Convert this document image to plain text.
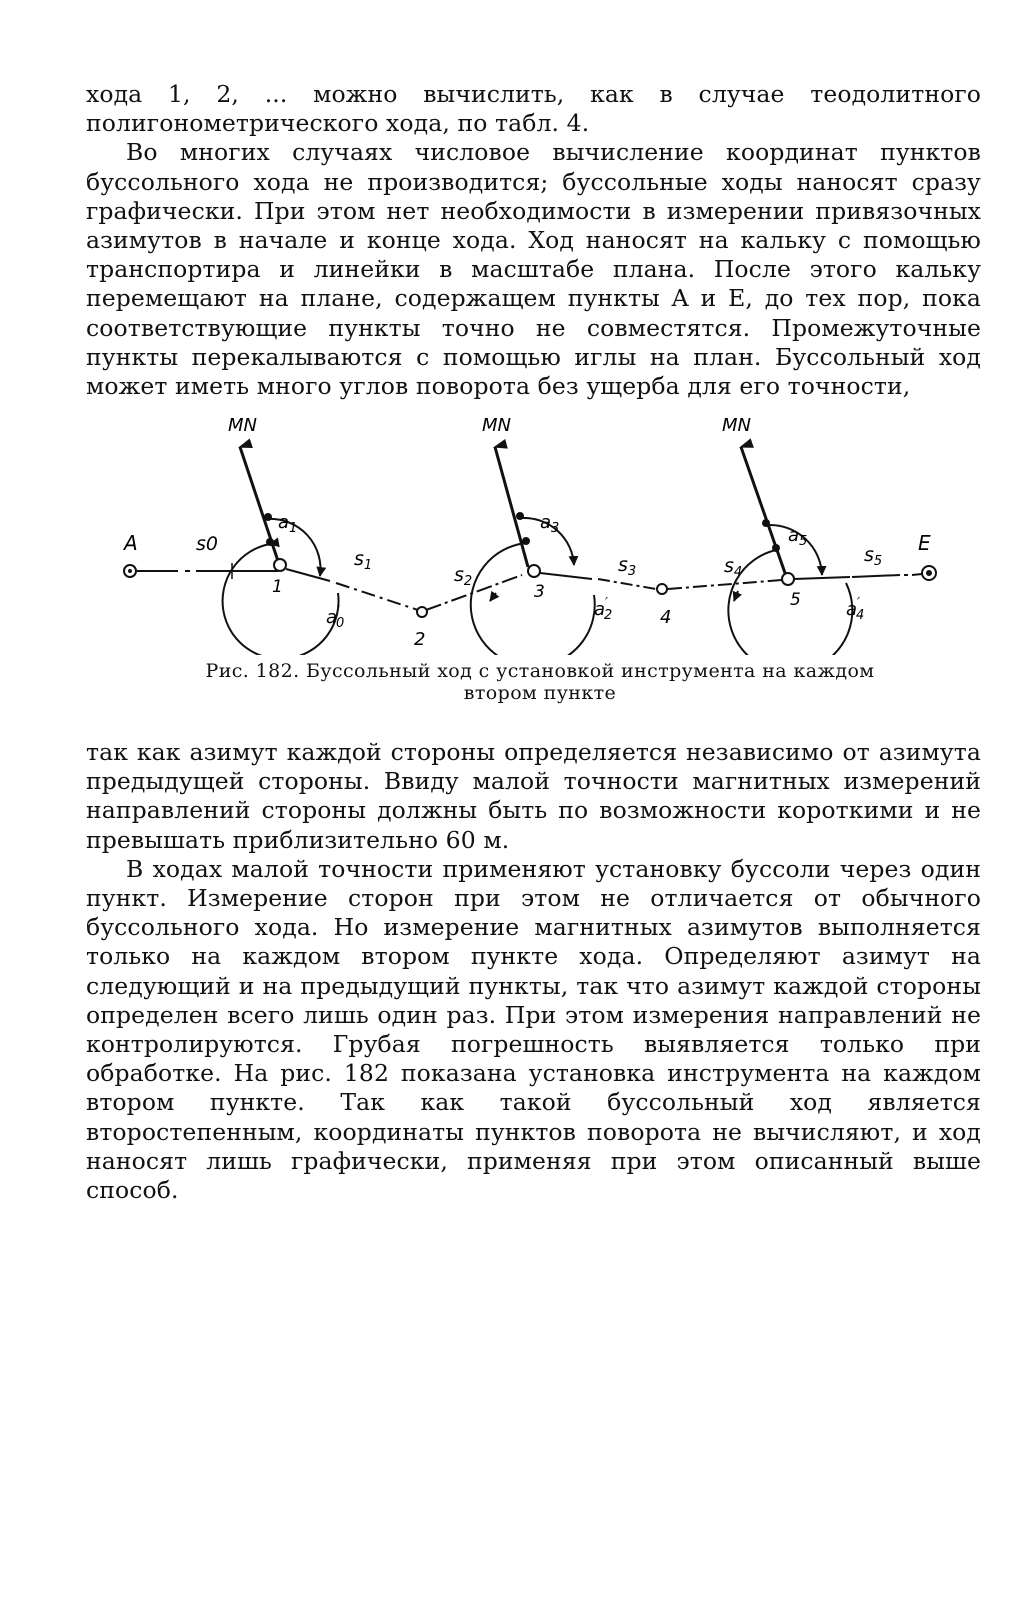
хода 1, 2, ... можно вычислить, как в случае теодолитного полигонометрического хода, по табл. 4.

Во многих случаях числовое вычисление координат пунктов буссольного хода не производится; буссольные ходы наносят сразу графически. При этом нет необходимости в измерении привязочных азимутов в начале и конце хода. Ход наносят на кальку с помощью транспортира и линейки в масштабе плана. После этого кальку перемещают на плане, содержащем пункты A и E, до тех пор, пока соответствующие пункты точно не совместятся. Промежуточные пункты перекалываются с помощью иглы на план. Буссольный ход может иметь много углов поворота без ущерба для его точности,

A	s0
MN
$a_1$
1
a′ 0
$s_1$
2
$s_2$
MN
$a_3$
3
a′ 2
$s_3$
4
$s_4$
MN
$a_5$
5	a′ 4
$s_5$
E
Рис. 182. Буссольный ход с установкой инструмента на каждом
втором пункте

так как азимут каждой стороны определяется независимо от азимута предыдущей стороны. Ввиду малой точности магнитных измерений направлений стороны должны быть по возможности короткими и не превышать приблизительно 60 м.

В ходах малой точности применяют установку буссоли через один пункт. Измерение сторон при этом не отличается от обычного буссольного хода. Но измерение магнитных азимутов выполняется только на каждом втором пункте хода. Определяют азимут на следующий и на предыдущий пункты, так что азимут каждой стороны определен всего лишь один раз. При этом измерения направлений не контролируются. Грубая погрешность выявляется только при обработке. На рис. 182 показана установка инструмента на каждом втором пункте. Так как такой буссольный ход является второстепенным, координаты пунктов поворота не вычисляют, и ход наносят лишь графически, применяя при этом описанный выше способ.
